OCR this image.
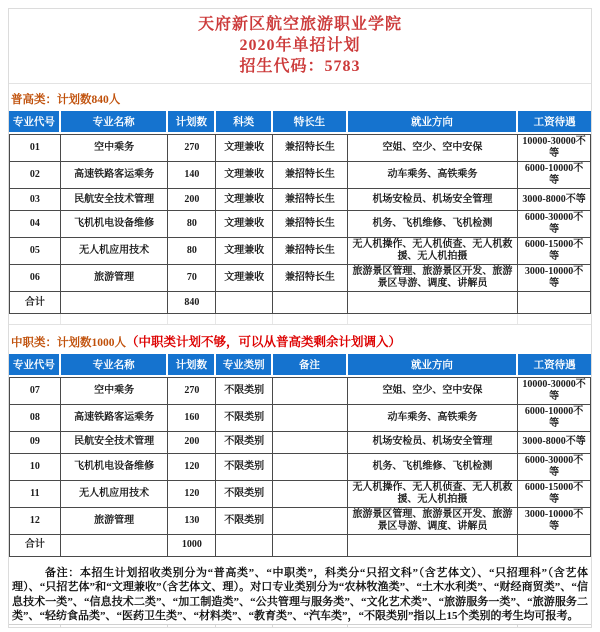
天府新区航空旅游职业学院
2020年单招计划
招生代码：5783
普高类：计划数840人
专业代号	专业名称	计划数	科类	特长生	就业方向	工资待遇
01	空中乘务	270	文理兼收	兼招特长生	空姐、空少、空中安保	10000-30000不等
02	高速铁路客运乘务	140	文理兼收	兼招特长生	动车乘务、高铁乘务	6000-10000不等
03	民航安全技术管理	200	文理兼收	兼招特长生	机场安检员、机场安全管理	3000-8000不等
04	飞机机电设备维修	80	文理兼收	兼招特长生	机务、飞机维修、飞机检测	6000-30000不等
05	无人机应用技术	80	文理兼收	兼招特长生	无人机操作、无人机侦查、无人机救援、无人机拍摄	6000-15000不等
06	旅游管理	70	文理兼收	兼招特长生	旅游景区管理、旅游景区开发、旅游景区导游、调度、讲解员	3000-10000不等
合计		840				
中职类：计划数1000人（中职类计划不够，可以从普高类剩余计划调入）
专业代号	专业名称	计划数	专业类别	备注	就业方向	工资待遇
07	空中乘务	270	不限类别		空姐、空少、空中安保	10000-30000不等
08	高速铁路客运乘务	160	不限类别		动车乘务、高铁乘务	6000-10000不等
09	民航安全技术管理	200	不限类别		机场安检员、机场安全管理	3000-8000不等
10	飞机机电设备维修	120	不限类别		机务、飞机维修、飞机检测	6000-30000不等
11	无人机应用技术	120	不限类别		无人机操作、无人机侦查、无人机救援、无人机拍摄	6000-15000不等
12	旅游管理	130	不限类别		旅游景区管理、旅游景区开发、旅游景区导游、调度、讲解员	3000-10000不等
合计		1000				
备注：本招生计划招收类别分为“普高类”、“中职类”，科类分“只招文科”（含艺体文）、“只招理科”（含艺体理）、“只招艺体”和“文理兼收”（含艺体文、理）。对口专业类别分为“农林牧渔类”、“土木水利类”、“财经商贸类”、“信息技术一类”、“信息技术二类”、“加工制造类”、“公共管理与服务类”、“文化艺术类”、“旅游服务一类”、“旅游服务二类”、“轻纺食品类”、“医药卫生类”、“材料类”、“教育类”、“汽车类”，“不限类别”指以上15个类别的考生均可报考。
